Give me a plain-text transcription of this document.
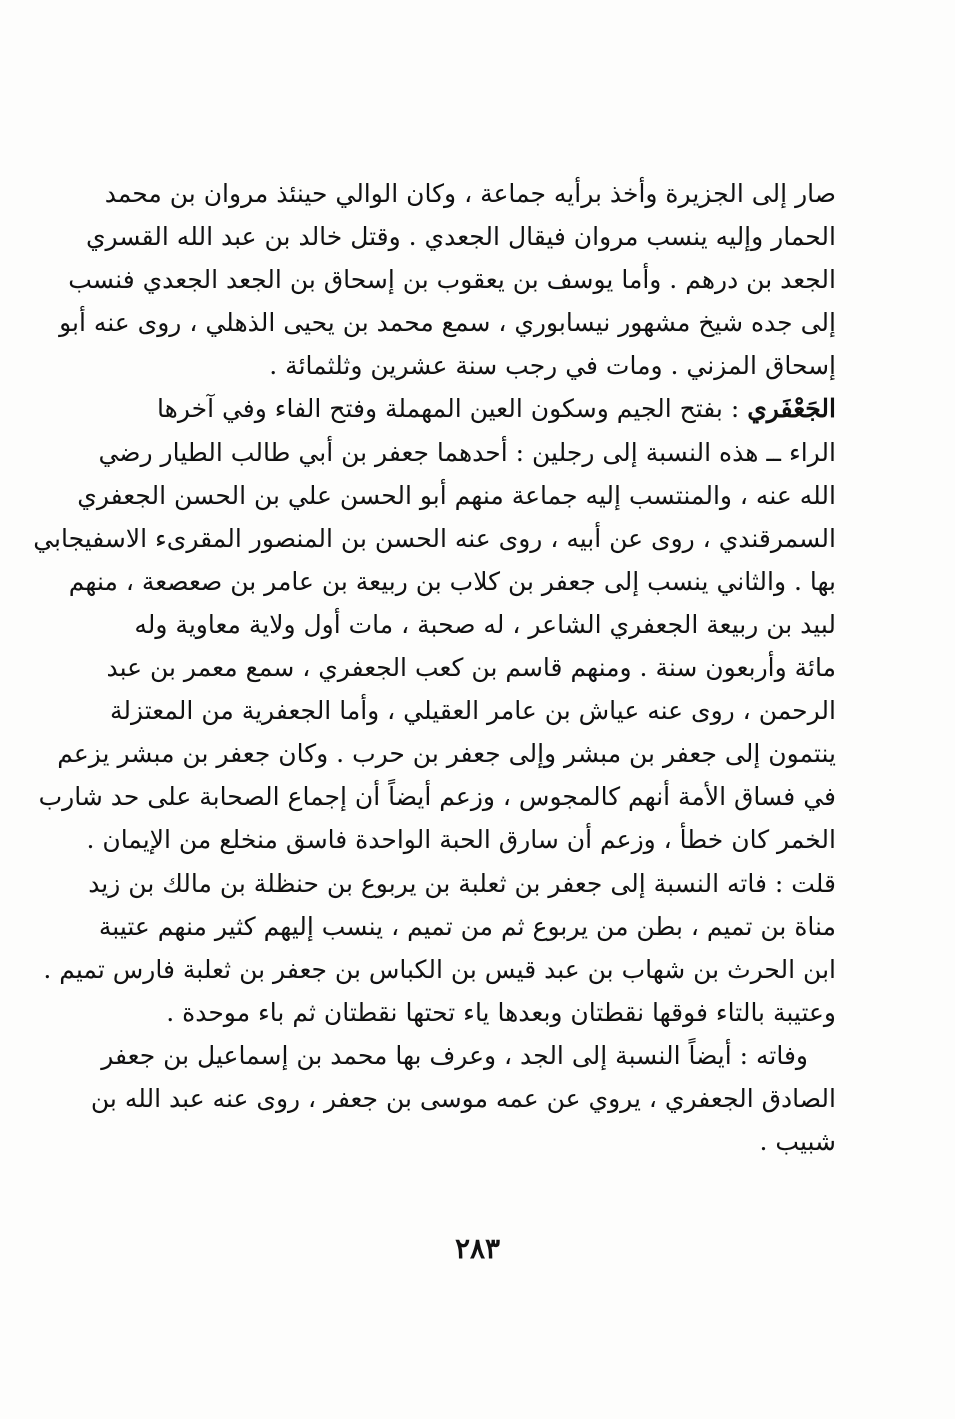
صار إلى الجزيرة وأخذ برأيه جماعة ، وكان الوالي حينئذ مروان بن محمد
الحمار وإليه ينسب مروان فيقال الجعدي . وقتل خالد بن عبد الله القسري
الجعد بن درهم . وأما يوسف بن يعقوب بن إسحاق بن الجعد الجعدي فنسب
إلى جده شيخ مشهور نيسابوري ، سمع محمد بن يحيى الذهلي ، روى عنه أبو
إسحاق المزني . ومات في رجب سنة عشرين وثلثمائة .
الجَعْفَري : بفتح الجيم وسكون العين المهملة وفتح الفاء وفي آخرها
الراء ــ هذه النسبة إلى رجلين : أحدهما جعفر بن أبي طالب الطيار رضي
الله عنه ، والمنتسب إليه جماعة منهم أبو الحسن علي بن الحسن الجعفري
السمرقندي ، روى عن أبيه ، روى عنه الحسن بن المنصور المقرىء الاسفيجابي
بها . والثاني ينسب إلى جعفر بن كلاب بن ربيعة بن عامر بن صعصعة ، منهم
لبيد بن ربيعة الجعفري الشاعر ، له صحبة ، مات أول ولاية معاوية وله
مائة وأربعون سنة . ومنهم قاسم بن كعب الجعفري ، سمع معمر بن عبد
الرحمن ، روى عنه عياش بن عامر العقيلي ، وأما الجعفرية من المعتزلة
ينتمون إلى جعفر بن مبشر وإلى جعفر بن حرب . وكان جعفر بن مبشر يزعم
في فساق الأمة أنهم كالمجوس ، وزعم أيضاً أن إجماع الصحابة على حد شارب
الخمر كان خطأ ، وزعم أن سارق الحبة الواحدة فاسق منخلع من الإيمان .
قلت : فاته النسبة إلى جعفر بن ثعلبة بن يربوع بن حنظلة بن مالك بن زيد
مناة بن تميم ، بطن من يربوع ثم من تميم ، ينسب إليهم كثير منهم عتيبة
ابن الحرث بن شهاب بن عبد قيس بن الكباس بن جعفر بن ثعلبة فارس تميم .
وعتيبة بالتاء فوقها نقطتان وبعدها ياء تحتها نقطتان ثم باء موحدة .
وفاته : أيضاً النسبة إلى الجد ، وعرف بها محمد بن إسماعيل بن جعفر
الصادق الجعفري ، يروي عن عمه موسى بن جعفر ، روى عنه عبد الله بن
شبيب .
٢٨٣
